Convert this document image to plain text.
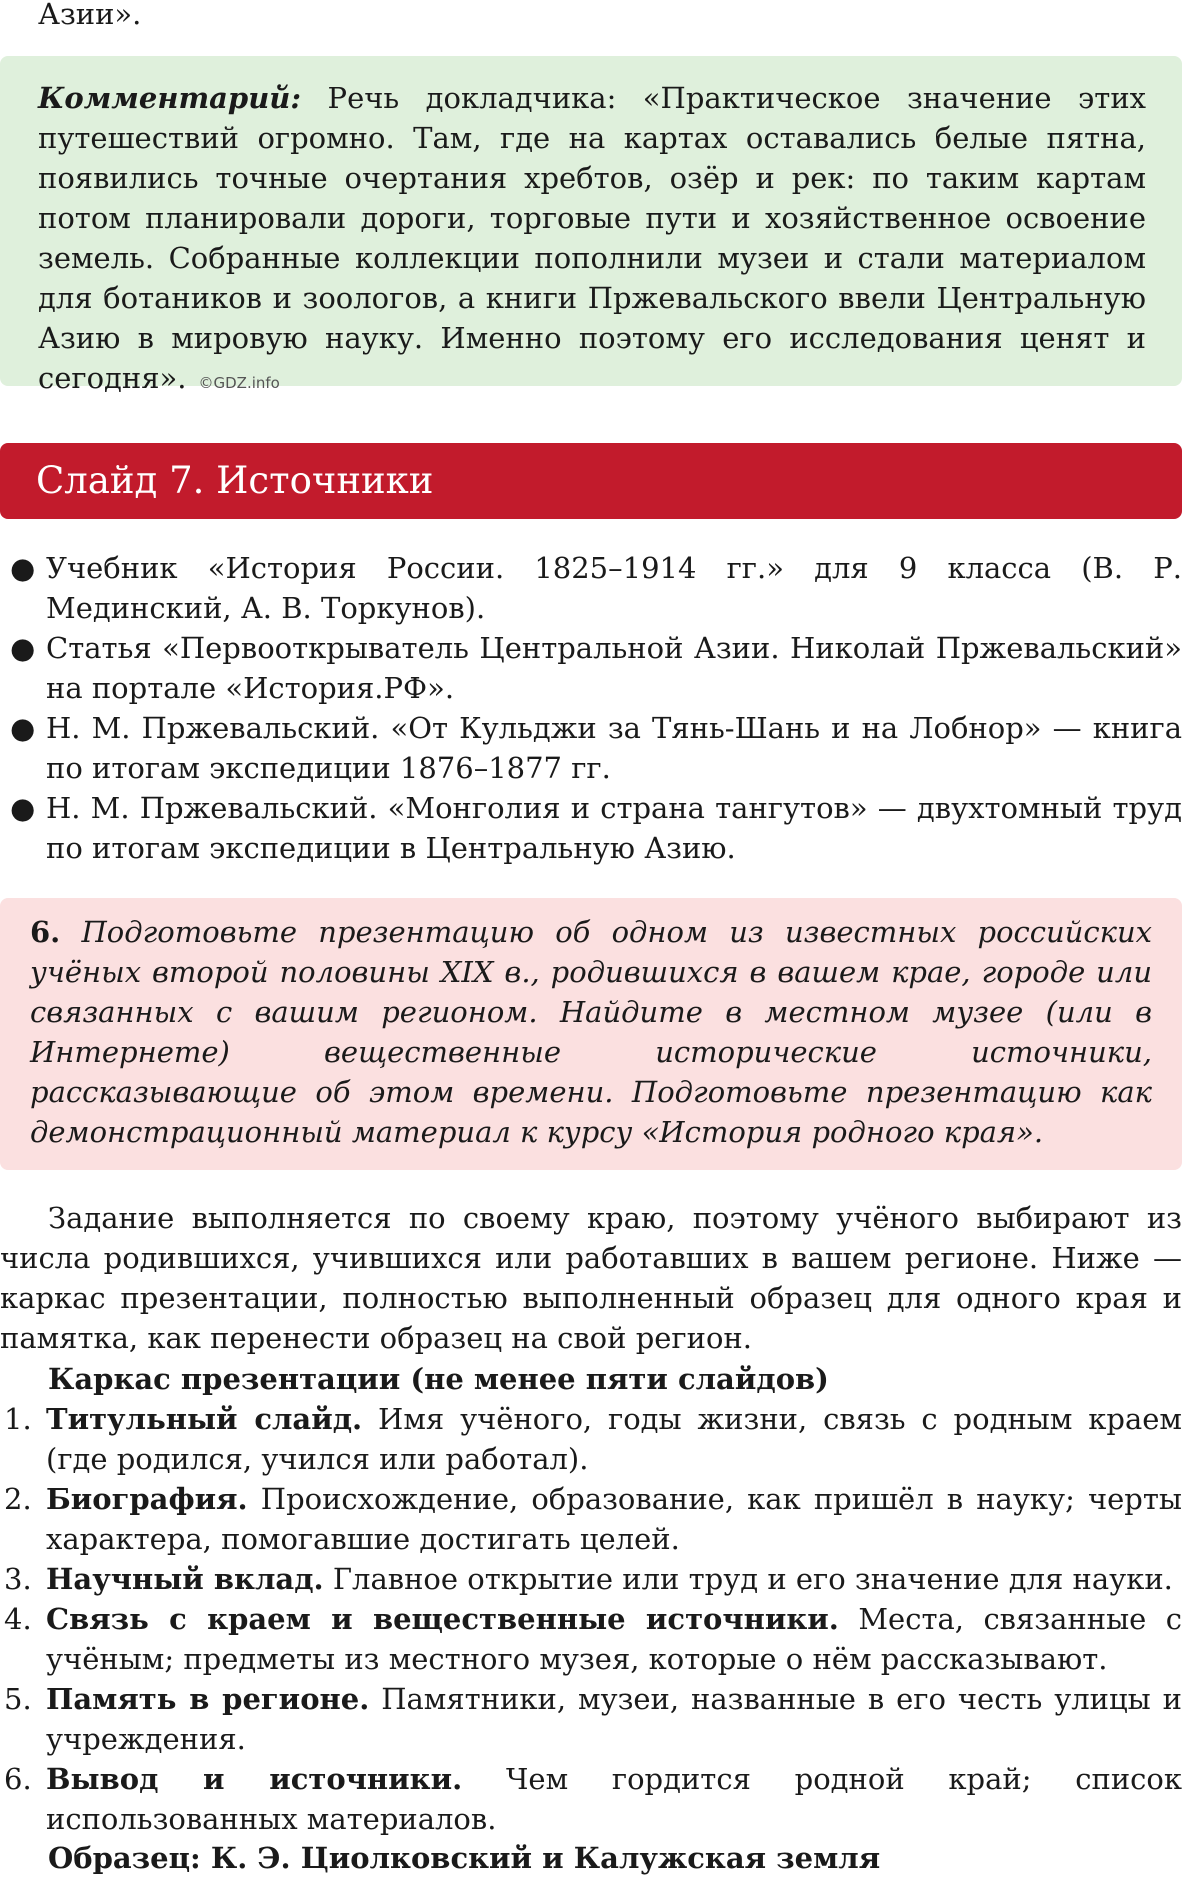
Азии».

Комментарий: Речь докладчика: «Практическое значение этих путешествий огромно. Там, где на картах оставались белые пятна, появились точные очертания хребтов, озёр и рек: по таким картам потом планировали дороги, торговые пути и хозяйственное освоение земель. Собранные коллекции пополнили музеи и стали материалом для ботаников и зоологов, а книги Пржевальского ввели Центральную Азию в мировую науку. Именно поэтому его исследования ценят и сегодня». ©GDZ.info

Слайд 7. Источники
● Учебник «История России. 1825–1914 гг.» для 9 класса (В. Р. Мединский, А. В. Торкунов).
● Статья «Первооткрыватель Центральной Азии. Николай Пржевальский» на портале «История.РФ».
● Н. М. Пржевальский. «От Кульджи за Тянь-Шань и на Лобнор» — книга по итогам экспедиции 1876–1877 гг.
● Н. М. Пржевальский. «Монголия и страна тангутов» — двухтомный труд по итогам экспедиции в Центральную Азию.

6. Подготовьте презентацию об одном из известных российских учёных второй половины XIX в., родившихся в вашем крае, городе или связанных с вашим регионом. Найдите в местном музее (или в Интернете) вещественные исторические источники, рассказывающие об этом времени. Подготовьте презентацию как демонстрационный материал к курсу «История родного края».

Задание выполняется по своему краю, поэтому учёного выбирают из числа родившихся, учившихся или работавших в вашем регионе. Ниже — каркас презентации, полностью выполненный образец для одного края и памятка, как перенести образец на свой регион.

Каркас презентации (не менее пяти слайдов)
1. Титульный слайд. Имя учёного, годы жизни, связь с родным краем (где родился, учился или работал).
2. Биография. Происхождение, образование, как пришёл в науку; черты характера, помогавшие достигать целей.
3. Научный вклад. Главное открытие или труд и его значение для науки.
4. Связь с краем и вещественные источники. Места, связанные с учёным; предметы из местного музея, которые о нём рассказывают.
5. Память в регионе. Памятники, музеи, названные в его честь улицы и учреждения.
6. Вывод и источники. Чем гордится родной край; список использованных материалов.
Образец: К. Э. Циолковский и Калужская земля
